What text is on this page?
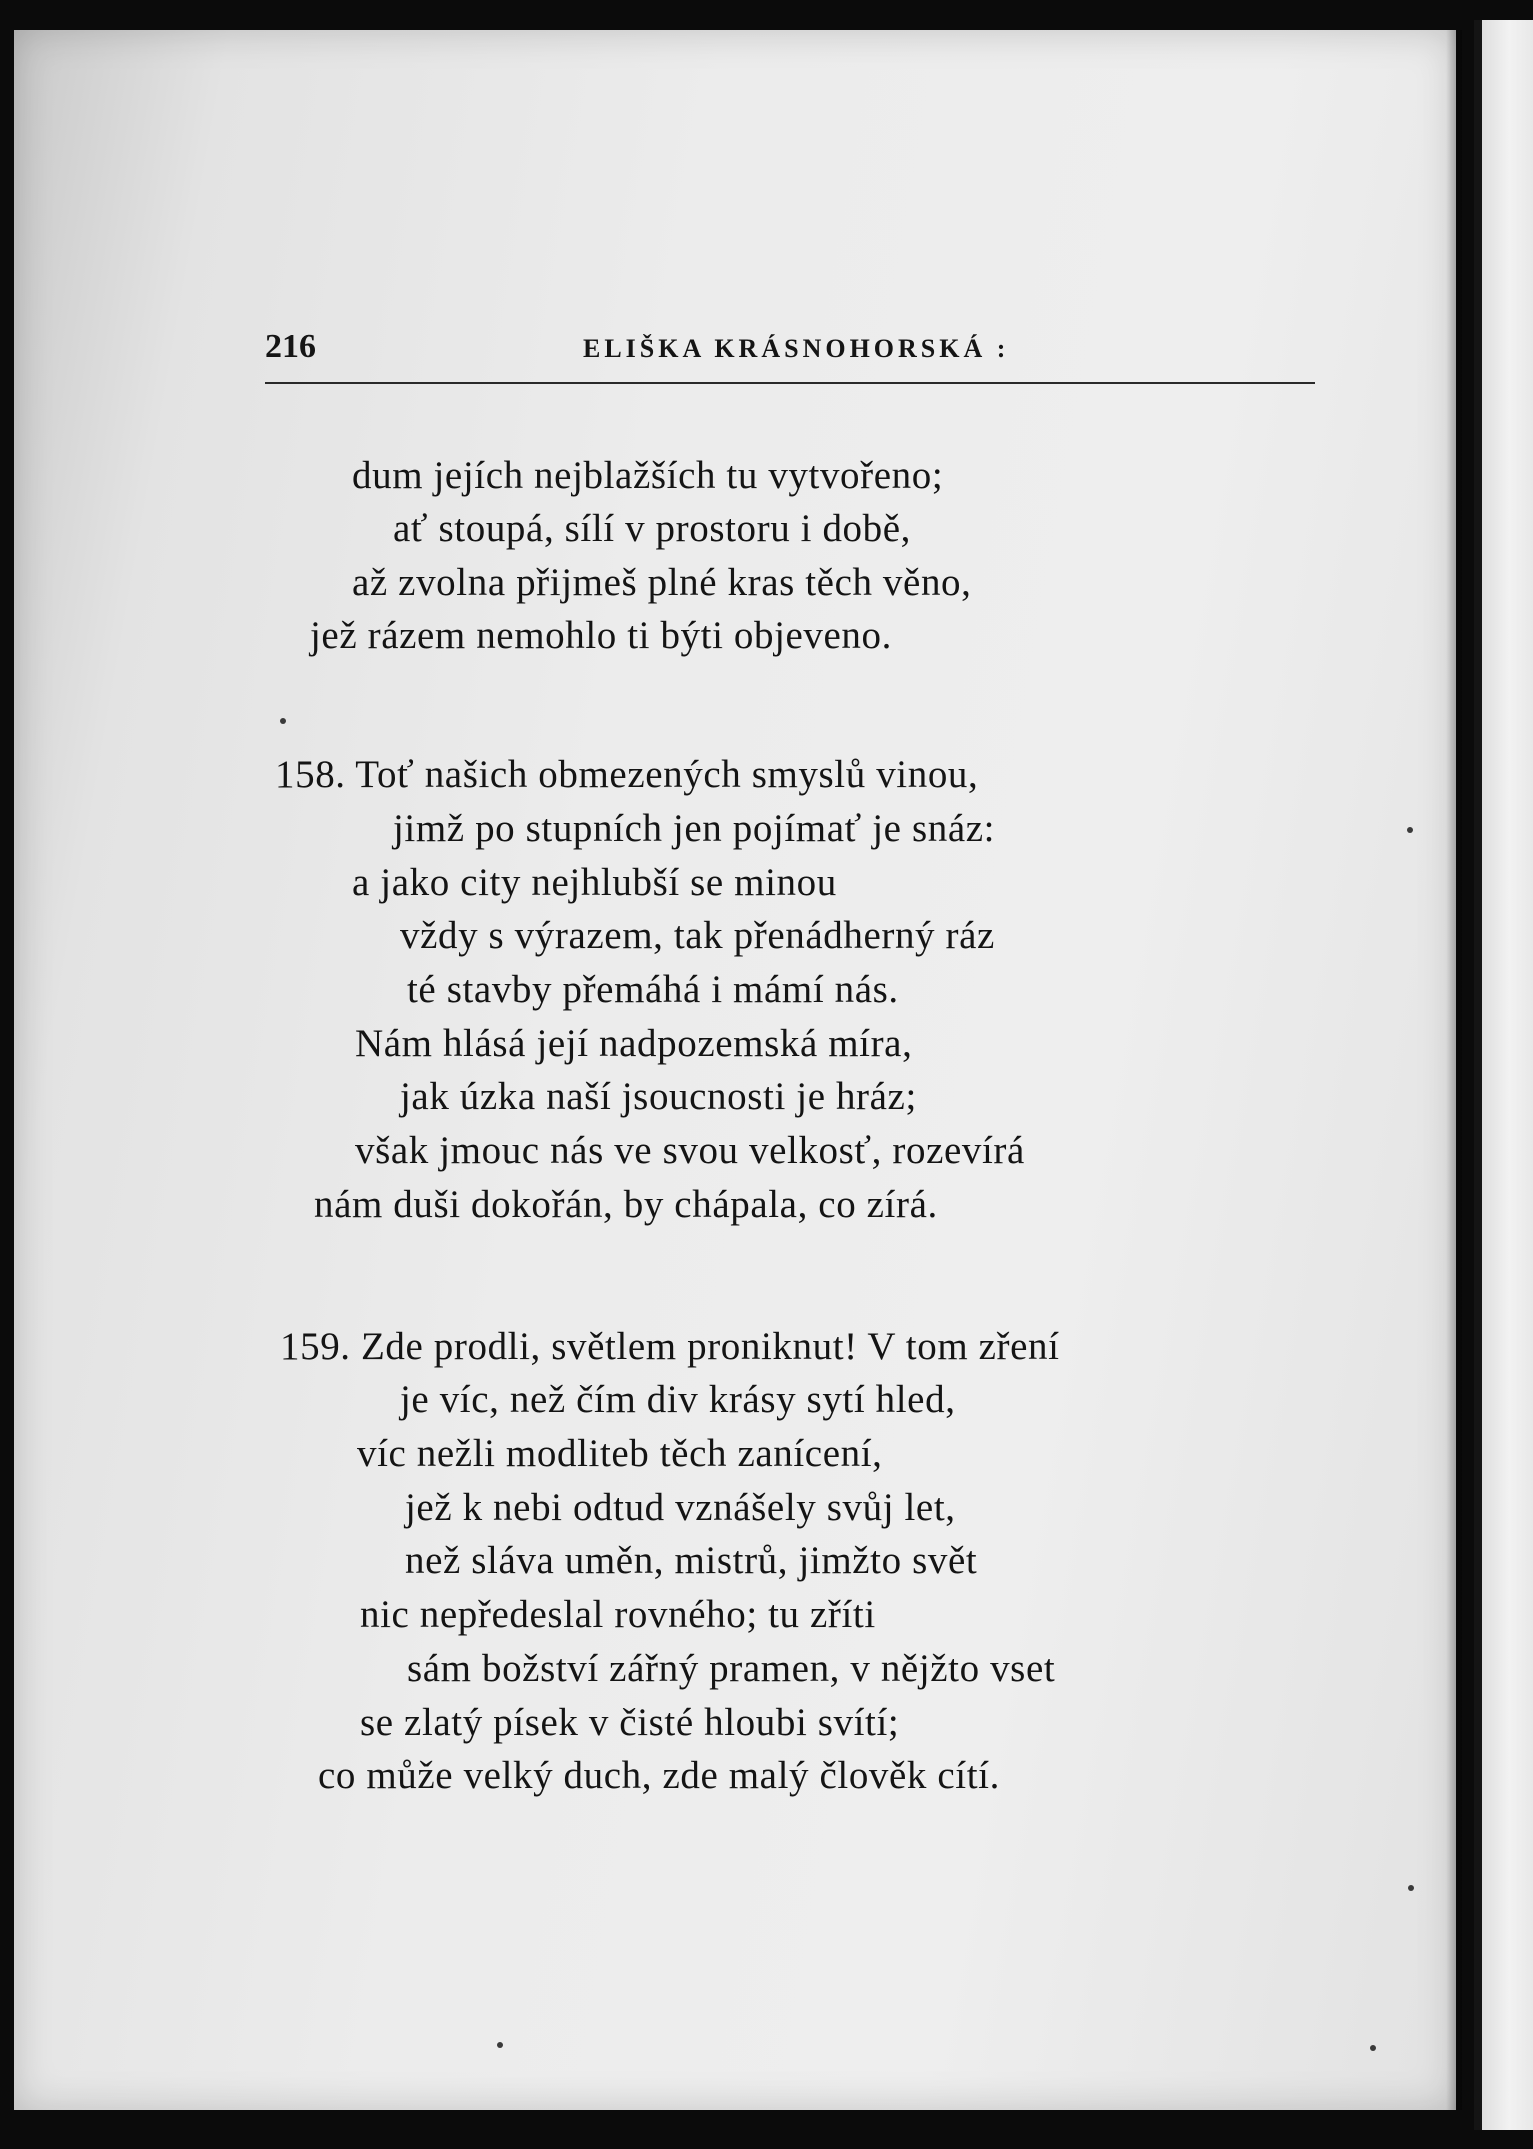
216	ELIŠKA KRÁSNOHORSKÁ :
dum jejích nejblažších tu vytvořeno;
ať stoupá, sílí v prostoru i době,
až zvolna přijmeš plné kras těch věno,
jež rázem nemohlo ti býti objeveno.
158. Toť našich obmezených smyslů vinou,
jimž po stupních jen pojímať je snáz:
a jako city nejhlubší se minou
vždy s výrazem, tak přenádherný ráz
té stavby přemáhá i mámí nás.
Nám hlásá její nadpozemská míra,
jak úzka naší jsoucnosti je hráz;
však jmouc nás ve svou velkosť, rozevírá
nám duši dokořán, by chápala, co zírá.
159. Zde prodli, světlem proniknut! V tom zření
je víc, než čím div krásy sytí hled,
víc nežli modliteb těch zanícení,
jež k nebi odtud vznášely svůj let,
než sláva uměn, mistrů, jimžto svět
nic nepředeslal rovného; tu zříti
sám božství zářný pramen, v nějžto vset
se zlatý písek v čisté hloubi svítí;
co může velký duch, zde malý člověk cítí.
